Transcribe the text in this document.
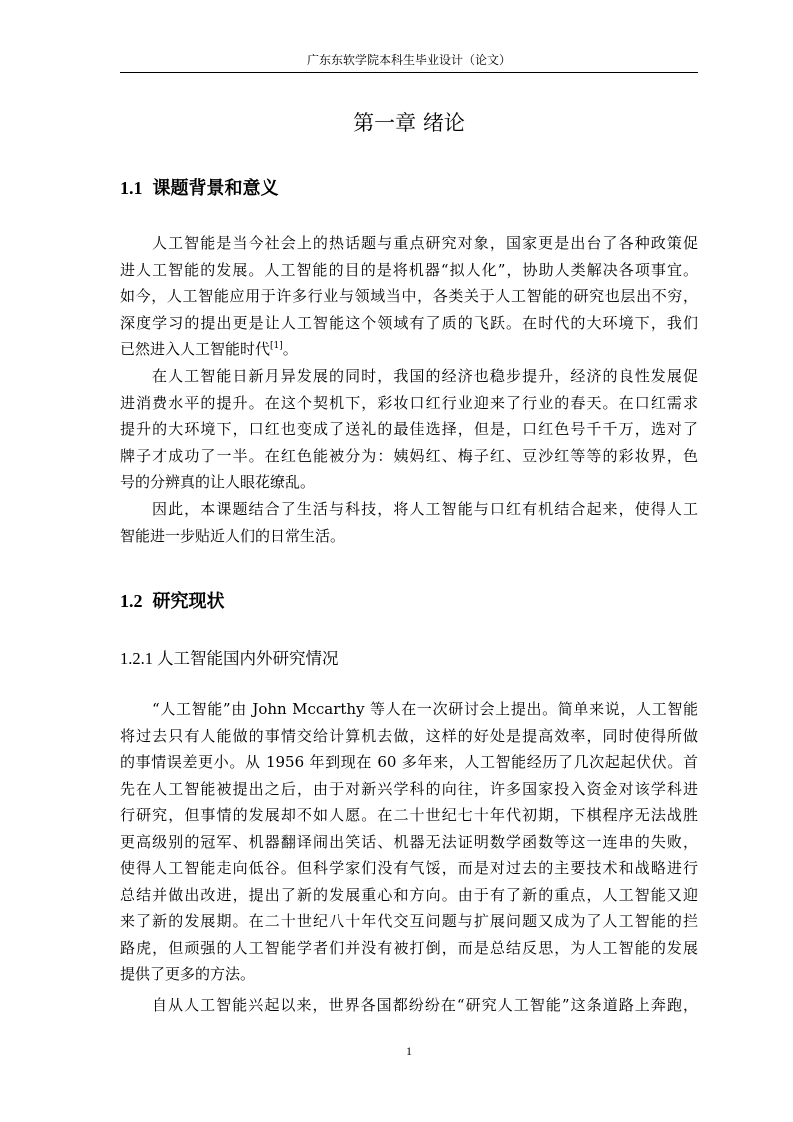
广东东软学院本科生毕业设计（论文）
第一章 绪论
1.1 课题背景和意义
人工智能是当今社会上的热话题与重点研究对象，国家更是出台了各种政策促
进人工智能的发展。人工智能的目的是将机器“拟人化”，协助人类解决各项事宜。
如今，人工智能应用于许多行业与领域当中，各类关于人工智能的研究也层出不穷，
深度学习的提出更是让人工智能这个领域有了质的飞跃。在时代的大环境下，我们
已然进入人工智能时代[1]。
在人工智能日新月异发展的同时，我国的经济也稳步提升，经济的良性发展促
进消费水平的提升。在这个契机下，彩妆口红行业迎来了行业的春天。在口红需求
提升的大环境下，口红也变成了送礼的最佳选择，但是，口红色号千千万，选对了
牌子才成功了一半。在红色能被分为：姨妈红、梅子红、豆沙红等等的彩妆界，色
号的分辨真的让人眼花缭乱。
因此，本课题结合了生活与科技，将人工智能与口红有机结合起来，使得人工
智能进一步贴近人们的日常生活。
1.2 研究现状
1.2.1 人工智能国内外研究情况
“人工智能”由 John Mccarthy 等人在一次研讨会上提出。简单来说，人工智能
将过去只有人能做的事情交给计算机去做，这样的好处是提高效率，同时使得所做
的事情误差更小。从 1956 年到现在 60 多年来，人工智能经历了几次起起伏伏。首
先在人工智能被提出之后，由于对新兴学科的向往，许多国家投入资金对该学科进
行研究，但事情的发展却不如人愿。在二十世纪七十年代初期，下棋程序无法战胜
更高级别的冠军、机器翻译闹出笑话、机器无法证明数学函数等这一连串的失败，
使得人工智能走向低谷。但科学家们没有气馁，而是对过去的主要技术和战略进行
总结并做出改进，提出了新的发展重心和方向。由于有了新的重点，人工智能又迎
来了新的发展期。在二十世纪八十年代交互问题与扩展问题又成为了人工智能的拦
路虎，但顽强的人工智能学者们并没有被打倒，而是总结反思，为人工智能的发展
提供了更多的方法。
自从人工智能兴起以来，世界各国都纷纷在“研究人工智能”这条道路上奔跑，
1
